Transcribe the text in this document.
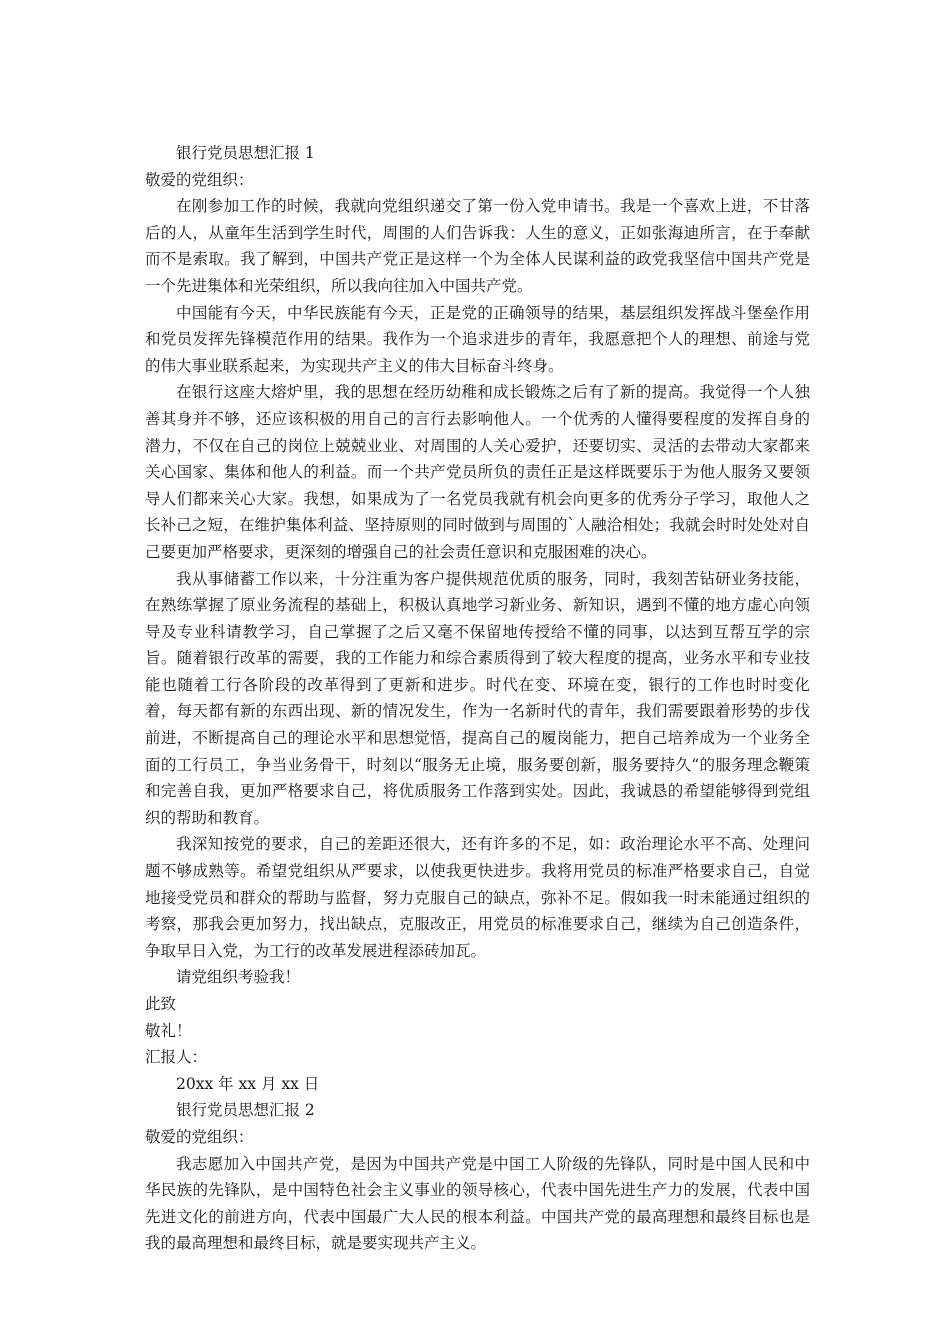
银行党员思想汇报 1
敬爱的党组织：

在刚参加工作的时候，我就向党组织递交了第一份入党申请书。我是一个喜欢上进，不甘落后的人，从童年生活到学生时代，周围的人们告诉我：人生的意义，正如张海迪所言，在于奉献而不是索取。我了解到，中国共产党正是这样一个为全体人民谋利益的政党我坚信中国共产党是一个先进集体和光荣组织，所以我向往加入中国共产党。

中国能有今天，中华民族能有今天，正是党的正确领导的结果，基层组织发挥战斗堡垒作用和党员发挥先锋模范作用的结果。我作为一个追求进步的青年，我愿意把个人的理想、前途与党的伟大事业联系起来，为实现共产主义的伟大目标奋斗终身。

在银行这座大熔炉里，我的思想在经历幼稚和成长锻炼之后有了新的提高。我觉得一个人独善其身并不够，还应该积极的用自己的言行去影响他人。一个优秀的人懂得要程度的发挥自身的潜力，不仅在自己的岗位上兢兢业业、对周围的人关心爱护，还要切实、灵活的去带动大家都来关心国家、集体和他人的利益。而一个共产党员所负的责任正是这样既要乐于为他人服务又要领导人们都来关心大家。我想，如果成为了一名党员我就有机会向更多的优秀分子学习，取他人之长补己之短，在维护集体利益、坚持原则的同时做到与周围的`人融洽相处；我就会时时处处对自己要更加严格要求，更深刻的增强自己的社会责任意识和克服困难的决心。

我从事储蓄工作以来，十分注重为客户提供规范优质的服务，同时，我刻苦钻研业务技能，在熟练掌握了原业务流程的基础上，积极认真地学习新业务、新知识，遇到不懂的地方虚心向领导及专业科请教学习，自己掌握了之后又毫不保留地传授给不懂的同事，以达到互帮互学的宗旨。随着银行改革的需要，我的工作能力和综合素质得到了较大程度的提高，业务水平和专业技能也随着工行各阶段的改革得到了更新和进步。时代在变、环境在变，银行的工作也时时变化着，每天都有新的东西出现、新的情况发生，作为一名新时代的青年，我们需要跟着形势的步伐前进，不断提高自己的理论水平和思想觉悟，提高自己的履岗能力，把自己培养成为一个业务全面的工行员工，争当业务骨干，时刻以“服务无止境，服务要创新，服务要持久“的服务理念鞭策和完善自我，更加严格要求自己，将优质服务工作落到实处。因此，我诚恳的希望能够得到党组织的帮助和教育。

我深知按党的要求，自己的差距还很大，还有许多的不足，如：政治理论水平不高、处理问题不够成熟等。希望党组织从严要求，以使我更快进步。我将用党员的标准严格要求自己，自觉地接受党员和群众的帮助与监督，努力克服自己的缺点，弥补不足。假如我一时未能通过组织的考察，那我会更加努力，找出缺点，克服改正，用党员的标准要求自己，继续为自己创造条件，争取早日入党，为工行的改革发展进程添砖加瓦。

请党组织考验我！

此致
敬礼！
汇报人：
20xx 年 xx 月 xx 日
银行党员思想汇报 2
敬爱的党组织：

我志愿加入中国共产党，是因为中国共产党是中国工人阶级的先锋队，同时是中国人民和中华民族的先锋队，是中国特色社会主义事业的领导核心，代表中国先进生产力的发展，代表中国先进文化的前进方向，代表中国最广大人民的根本利益。中国共产党的最高理想和最终目标也是我的最高理想和最终目标，就是要实现共产主义。
